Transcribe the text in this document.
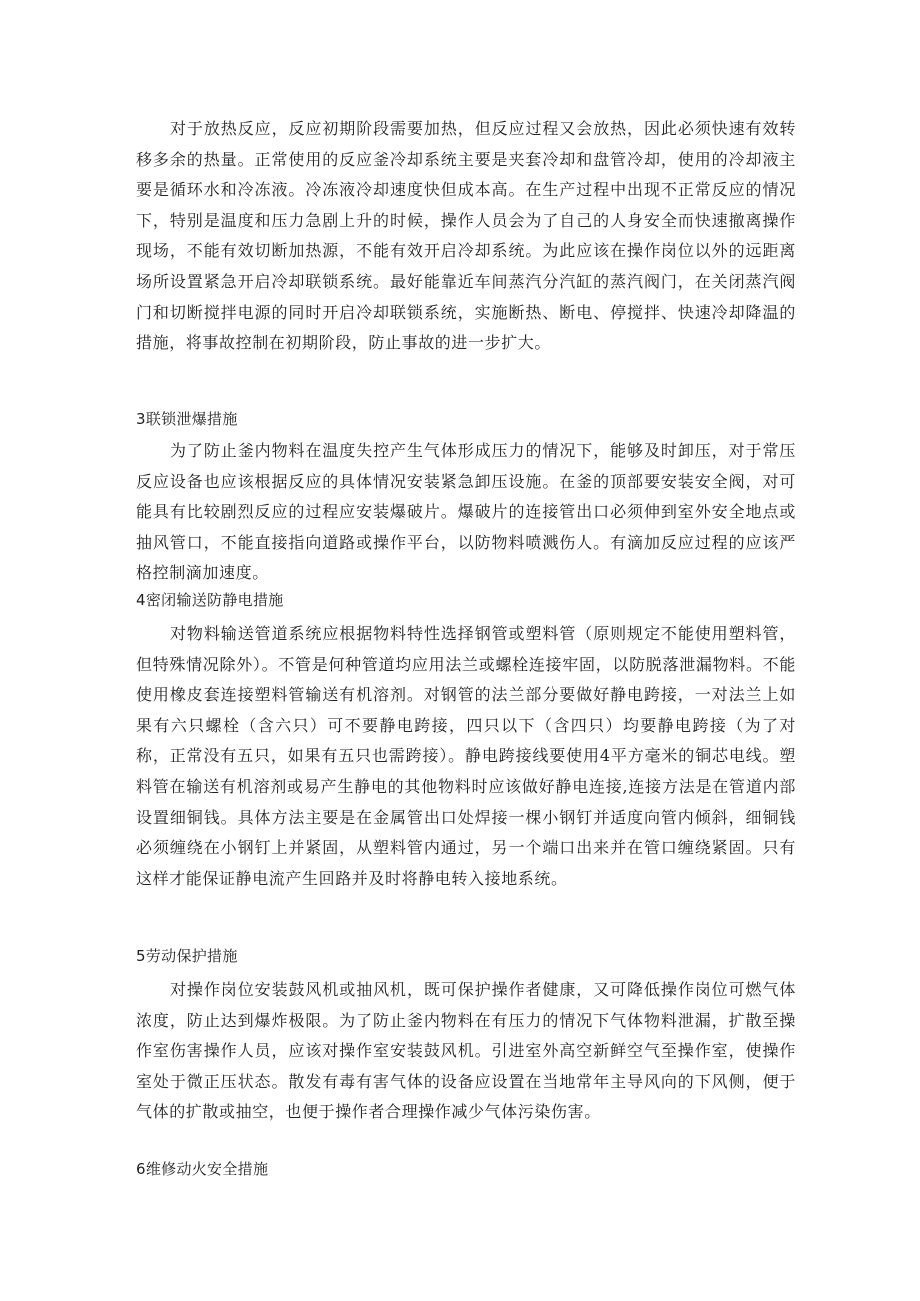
对于放热反应，反应初期阶段需要加热，但反应过程又会放热，因此必须快速有效转移多余的热量。正常使用的反应釜冷却系统主要是夹套冷却和盘管冷却，使用的冷却液主要是循环水和冷冻液。冷冻液冷却速度快但成本高。在生产过程中出现不正常反应的情况下，特别是温度和压力急剧上升的时候，操作人员会为了自己的人身安全而快速撤离操作现场，不能有效切断加热源，不能有效开启冷却系统。为此应该在操作岗位以外的远距离场所设置紧急开启冷却联锁系统。最好能靠近车间蒸汽分汽缸的蒸汽阀门，在关闭蒸汽阀门和切断搅拌电源的同时开启冷却联锁系统，实施断热、断电、停搅拌、快速冷却降温的措施，将事故控制在初期阶段，防止事故的进一步扩大。

3联锁泄爆措施

为了防止釜内物料在温度失控产生气体形成压力的情况下，能够及时卸压，对于常压反应设备也应该根据反应的具体情况安装紧急卸压设施。在釜的顶部要安装安全阀，对可能具有比较剧烈反应的过程应安装爆破片。爆破片的连接管出口必须伸到室外安全地点或抽风管口，不能直接指向道路或操作平台，以防物料喷溅伤人。有滴加反应过程的应该严格控制滴加速度。

4密闭输送防静电措施

对物料输送管道系统应根据物料特性选择钢管或塑料管（原则规定不能使用塑料管，但特殊情况除外）。不管是何种管道均应用法兰或螺栓连接牢固，以防脱落泄漏物料。不能使用橡皮套连接塑料管输送有机溶剂。对钢管的法兰部分要做好静电跨接，一对法兰上如果有六只螺栓（含六只）可不要静电跨接，四只以下（含四只）均要静电跨接（为了对称，正常没有五只，如果有五只也需跨接）。静电跨接线要使用4平方毫米的铜芯电线。塑料管在输送有机溶剂或易产生静电的其他物料时应该做好静电连接,连接方法是在管道内部设置细铜钱。具体方法主要是在金属管出口处焊接一棵小钢钉并适度向管内倾斜，细铜钱必须缠绕在小钢钉上并紧固，从塑料管内通过，另一个端口出来并在管口缠绕紧固。只有这样才能保证静电流产生回路并及时将静电转入接地系统。

5劳动保护措施

对操作岗位安装鼓风机或抽风机，既可保护操作者健康，又可降低操作岗位可燃气体浓度，防止达到爆炸极限。为了防止釜内物料在有压力的情况下气体物料泄漏，扩散至操作室伤害操作人员，应该对操作室安装鼓风机。引进室外高空新鲜空气至操作室，使操作室处于微正压状态。散发有毒有害气体的设备应设置在当地常年主导风向的下风侧，便于气体的扩散或抽空，也便于操作者合理操作减少气体污染伤害。

6维修动火安全措施
